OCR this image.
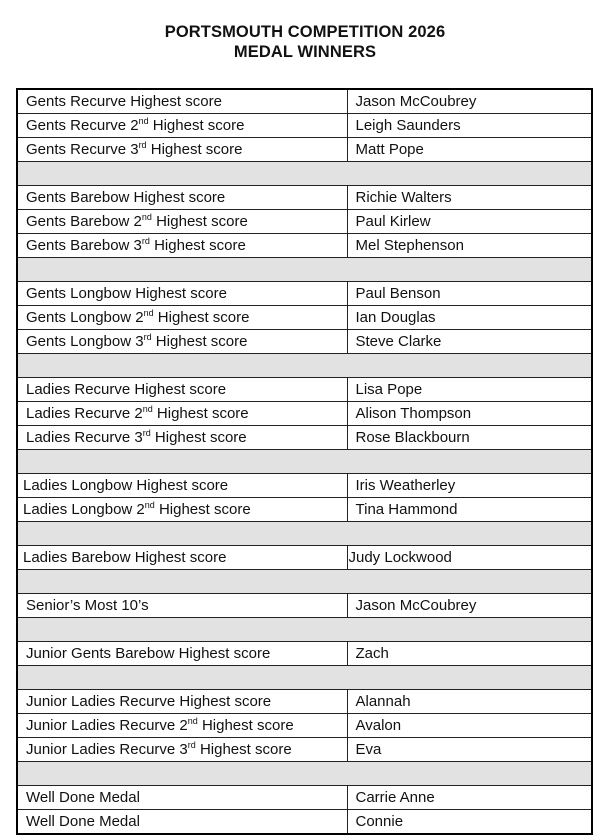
PORTSMOUTH COMPETITION 2026
MEDAL WINNERS
Gents Recurve Highest score	Jason McCoubrey
Gents Recurve 2nd Highest score	Leigh Saunders
Gents Recurve 3rd Highest score	Matt Pope

Gents Barebow Highest score	Richie Walters
Gents Barebow 2nd Highest score	Paul Kirlew
Gents Barebow 3rd Highest score	Mel Stephenson

Gents Longbow Highest score	Paul Benson
Gents Longbow 2nd Highest score	Ian Douglas
Gents Longbow 3rd Highest score	Steve Clarke

Ladies Recurve Highest score	Lisa Pope
Ladies Recurve 2nd Highest score	Alison Thompson
Ladies Recurve 3rd Highest score	Rose Blackbourn

Ladies Longbow Highest score	Iris Weatherley
Ladies Longbow 2nd Highest score	Tina Hammond

Ladies Barebow Highest score	Judy Lockwood

Senior’s Most 10’s	Jason McCoubrey

Junior Gents Barebow Highest score	Zach

Junior Ladies Recurve Highest score	Alannah
Junior Ladies Recurve 2nd Highest score	Avalon
Junior Ladies Recurve 3rd Highest score	Eva

Well Done Medal	Carrie Anne
Well Done Medal	Connie
